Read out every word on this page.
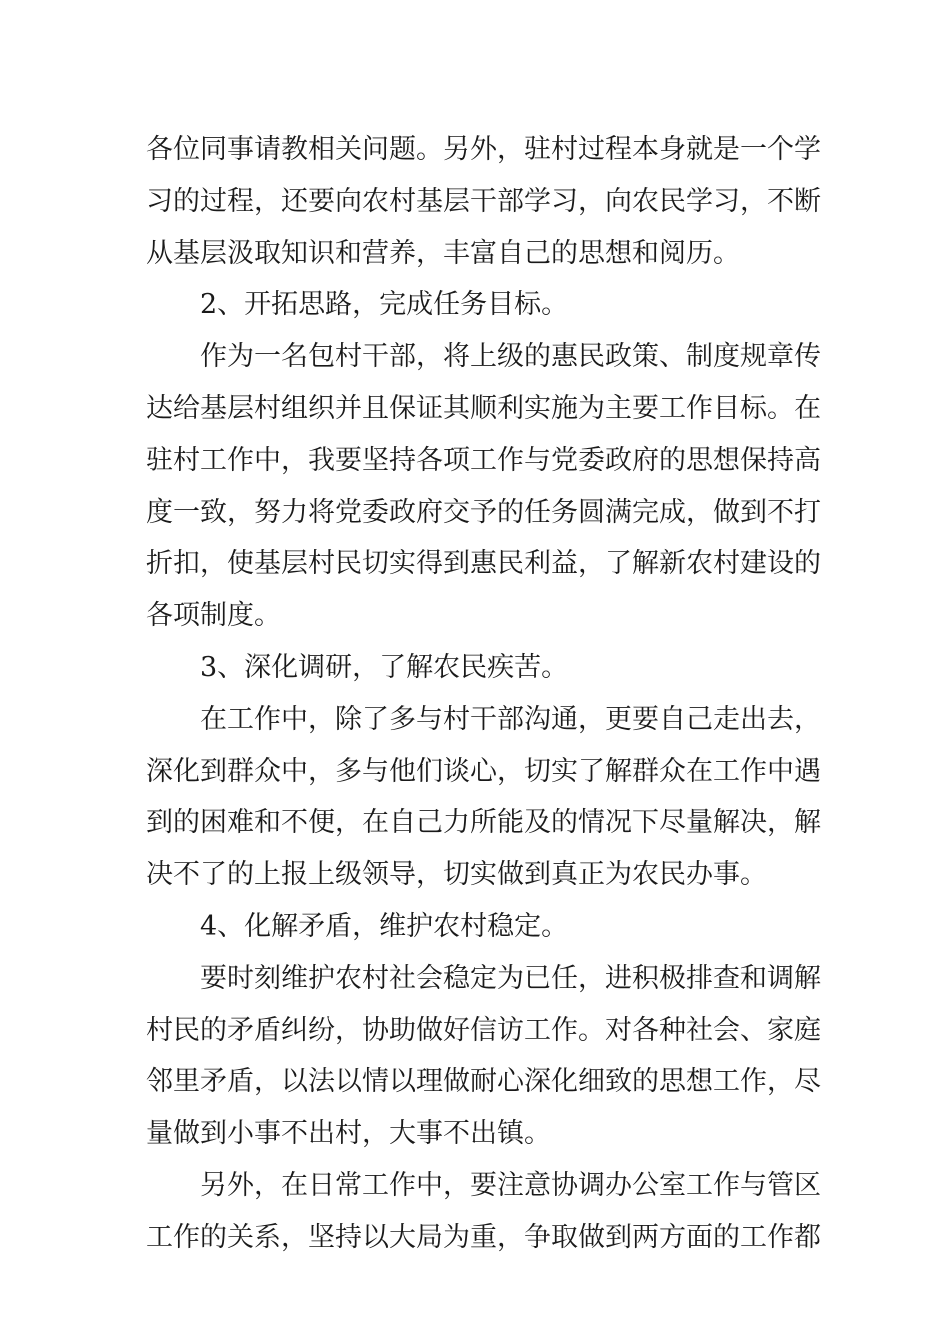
各位同事请教相关问题。另外，驻村过程本身就是一个学

习的过程，还要向农村基层干部学习，向农民学习，不断

从基层汲取知识和营养，丰富自己的思想和阅历。

2、开拓思路，完成任务目标。

作为一名包村干部，将上级的惠民政策、制度规章传

达给基层村组织并且保证其顺利实施为主要工作目标。在

驻村工作中，我要坚持各项工作与党委政府的思想保持高

度一致，努力将党委政府交予的任务圆满完成，做到不打

折扣，使基层村民切实得到惠民利益，了解新农村建设的

各项制度。

3、深化调研，了解农民疾苦。

在工作中，除了多与村干部沟通，更要自己走出去，

深化到群众中，多与他们谈心，切实了解群众在工作中遇

到的困难和不便，在自己力所能及的情况下尽量解决，解

决不了的上报上级领导，切实做到真正为农民办事。

4、化解矛盾，维护农村稳定。

要时刻维护农村社会稳定为已任，进积极排查和调解

村民的矛盾纠纷，协助做好信访工作。对各种社会、家庭

邻里矛盾，以法以情以理做耐心深化细致的思想工作，尽

量做到小事不出村，大事不出镇。

另外，在日常工作中，要注意协调办公室工作与管区

工作的关系，坚持以大局为重，争取做到两方面的工作都
